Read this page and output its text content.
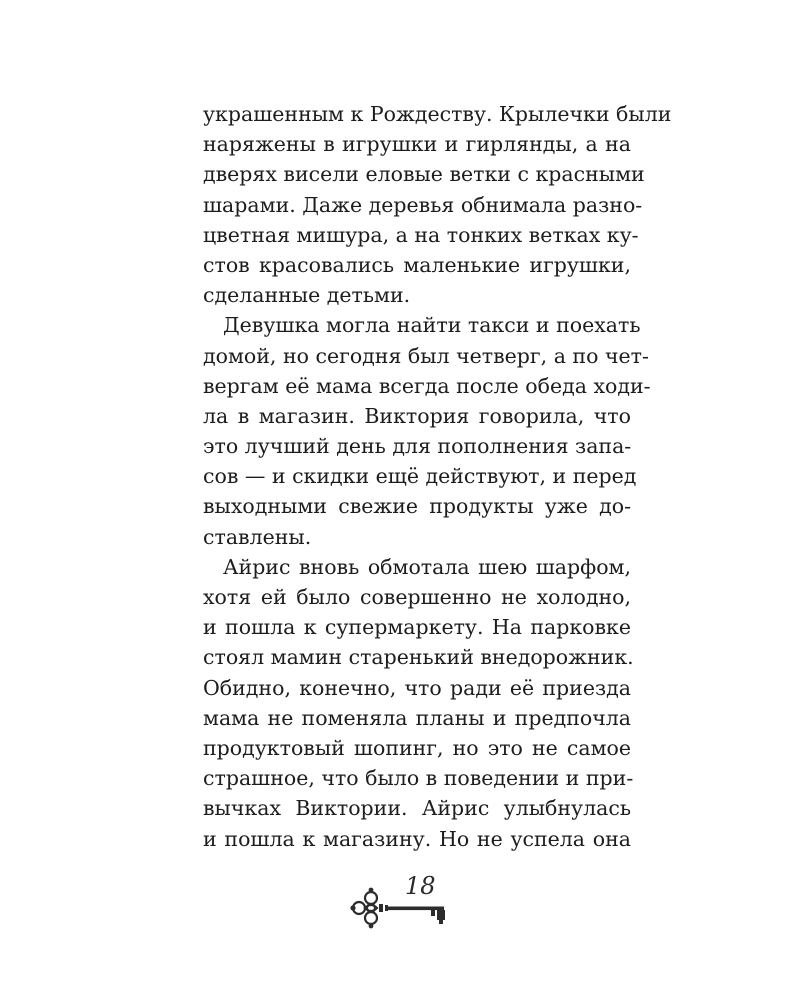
украшенным к Рождеству. Крылечки были
наряжены в игрушки и гирлянды, а на
дверях висели еловые ветки с красными
шарами. Даже деревья обнимала разно-
цветная мишура, а на тонких ветках ку-
стов красовались маленькие игрушки,
сделанные детьми.
Девушка могла найти такси и поехать
домой, но сегодня был четверг, а по чет-
вергам её мама всегда после обеда ходи-
ла в магазин. Виктория говорила, что
это лучший день для пополнения запа-
сов — и скидки ещё действуют, и перед
выходными свежие продукты уже до-
ставлены.
Айрис вновь обмотала шею шарфом,
хотя ей было совершенно не холодно,
и пошла к супермаркету. На парковке
стоял мамин старенький внедорожник.
Обидно, конечно, что ради её приезда
мама не поменяла планы и предпочла
продуктовый шопинг, но это не самое
страшное, что было в поведении и при-
вычках Виктории. Айрис улыбнулась
и пошла к магазину. Но не успела она
18
